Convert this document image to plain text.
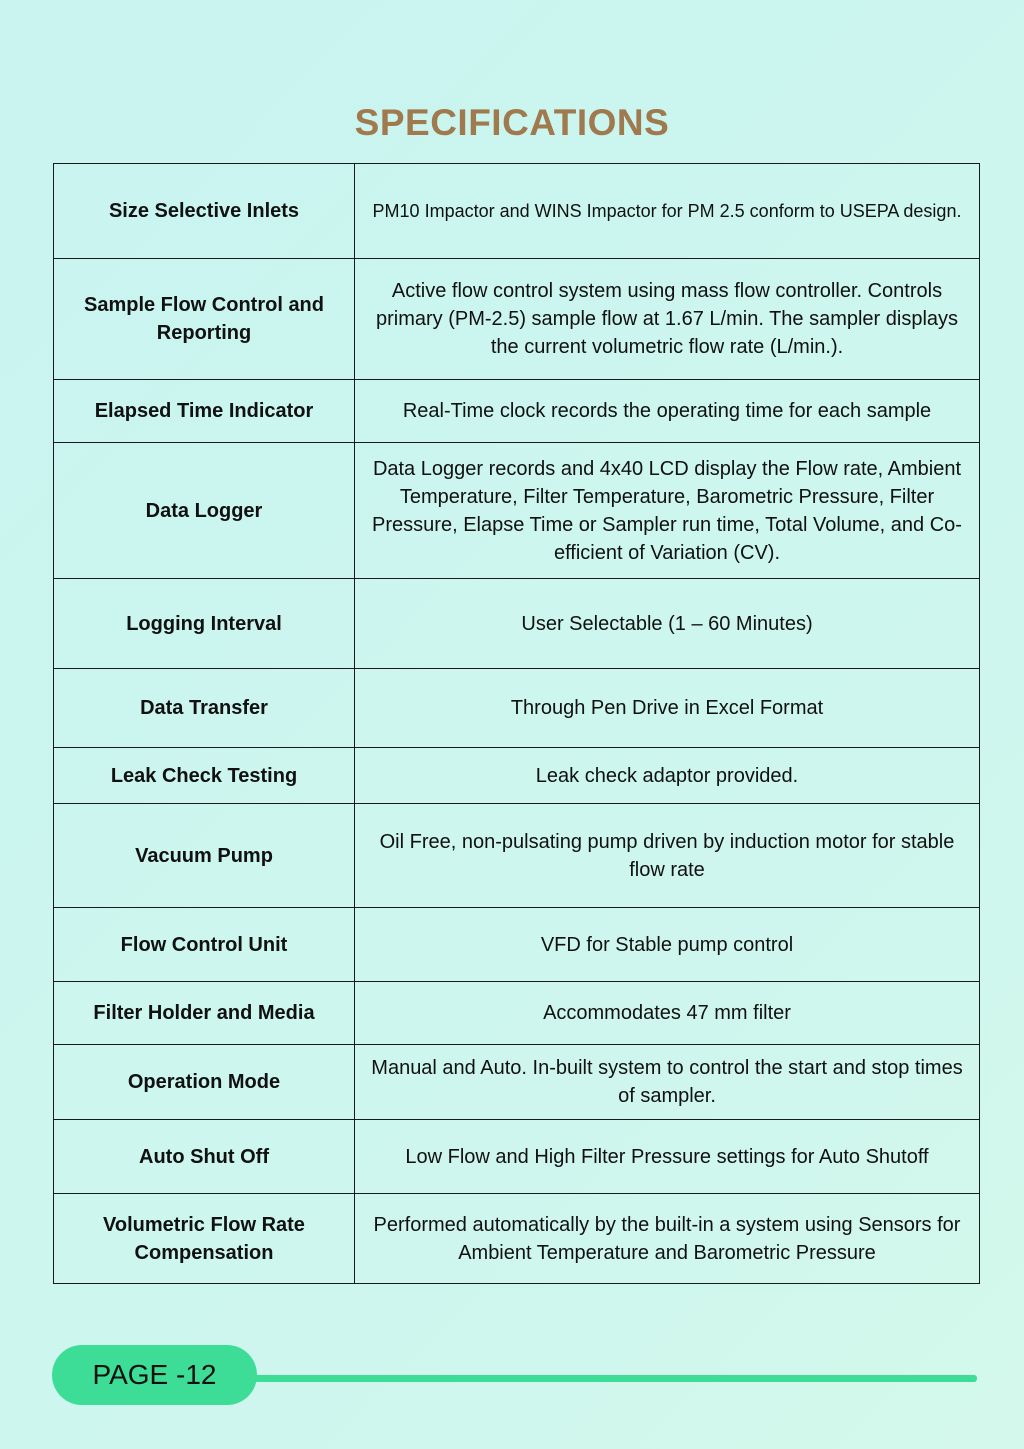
SPECIFICATIONS
Size Selective Inlets	PM10 Impactor and WINS Impactor for PM 2.5 conform to USEPA design.
Sample Flow Control and Reporting	Active flow control system using mass flow controller. Controls primary (PM-2.5) sample flow at 1.67 L/min. The sampler displays the current volumetric flow rate (L/min.).
Elapsed Time Indicator	Real-Time clock records the operating time for each sample
Data Logger	Data Logger records and 4x40 LCD display the Flow rate, Ambient Temperature, Filter Temperature, Barometric Pressure, Filter Pressure, Elapse Time or Sampler run time, Total Volume, and Co-efficient of Variation (CV).
Logging Interval	User Selectable (1 – 60 Minutes)
Data Transfer	Through Pen Drive in Excel Format
Leak Check Testing	Leak check adaptor provided.
Vacuum Pump	Oil Free, non-pulsating pump driven by induction motor for stable flow rate
Flow Control Unit	VFD for Stable pump control
Filter Holder and Media	Accommodates 47 mm filter
Operation Mode	Manual and Auto. In-built system to control the start and stop times of sampler.
Auto Shut Off	Low Flow and High Filter Pressure settings for Auto Shutoff
Volumetric Flow Rate Compensation	Performed automatically by the built-in a system using Sensors for Ambient Temperature and Barometric Pressure
PAGE -12
